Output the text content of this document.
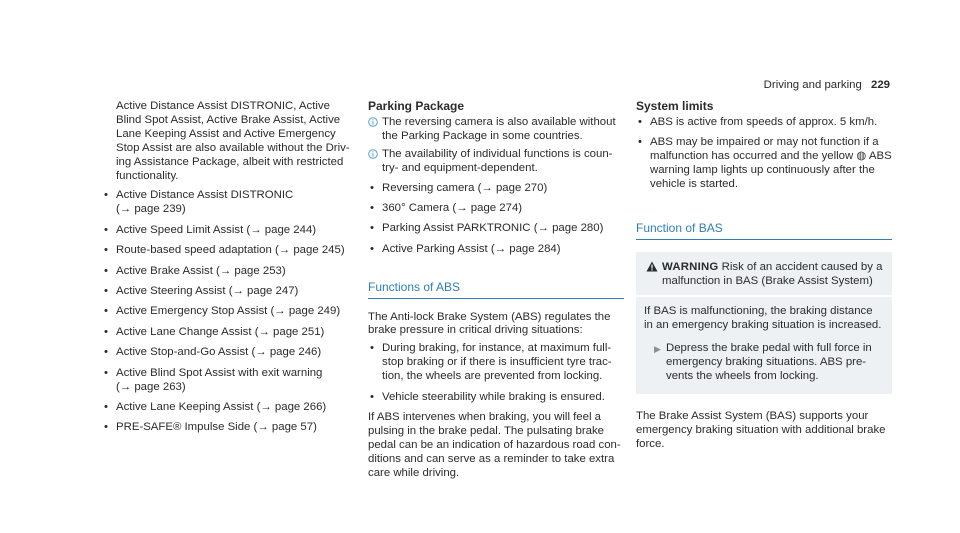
Driving and parking 229

Active Distance Assist DISTRONIC, Active Blind Spot Assist, Active Brake Assist, Active Lane Keeping Assist and Active Emergency Stop Assist are also available without the Driv-ing Assistance Package, albeit with restricted functionality.

• Active Distance Assist DISTRONIC
(→ page 239)
• Active Speed Limit Assist (→ page 244)
• Route-based speed adaptation (→ page 245)
• Active Brake Assist (→ page 253)
• Active Steering Assist (→ page 247)
• Active Emergency Stop Assist (→ page 249)
• Active Lane Change Assist (→ page 251)
• Active Stop-and-Go Assist (→ page 246)
• Active Blind Spot Assist with exit warning
(→ page 263)
• Active Lane Keeping Assist (→ page 266)
• PRE-SAFE® Impulse Side (→ page 57)
Parking Package
The reversing camera is also available without the Parking Package in some countries.
The availability of individual functions is coun-try- and equipment-dependent.
• Reversing camera (→ page 270)
• 360° Camera (→ page 274)
• Parking Assist PARKTRONIC (→ page 280)
• Active Parking Assist (→ page 284)
Functions of ABS

The Anti-lock Brake System (ABS) regulates the brake pressure in critical driving situations:

• During braking, for instance, at maximum full-stop braking or if there is insufficient tyre trac-tion, the wheels are prevented from locking.
• Vehicle steerability while braking is ensured.

If ABS intervenes when braking, you will feel a pulsing in the brake pedal. The pulsating brake pedal can be an indication of hazardous road con-ditions and can serve as a reminder to take extra care while driving.

System limits
• ABS is active from speeds of approx. 5 km/h.
• ABS may be impaired or may not function if a malfunction has occurred and the yellow ◍ ABS warning lamp lights up continuously after the vehicle is started.
Function of BAS
WARNING Risk of an accident caused by a malfunction in BAS (Brake Assist System)

If BAS is malfunctioning, the braking distance in an emergency braking situation is increased.

▶ Depress the brake pedal with full force in emergency braking situations. ABS pre-vents the wheels from locking.

The Brake Assist System (BAS) supports your emergency braking situation with additional brake force.
